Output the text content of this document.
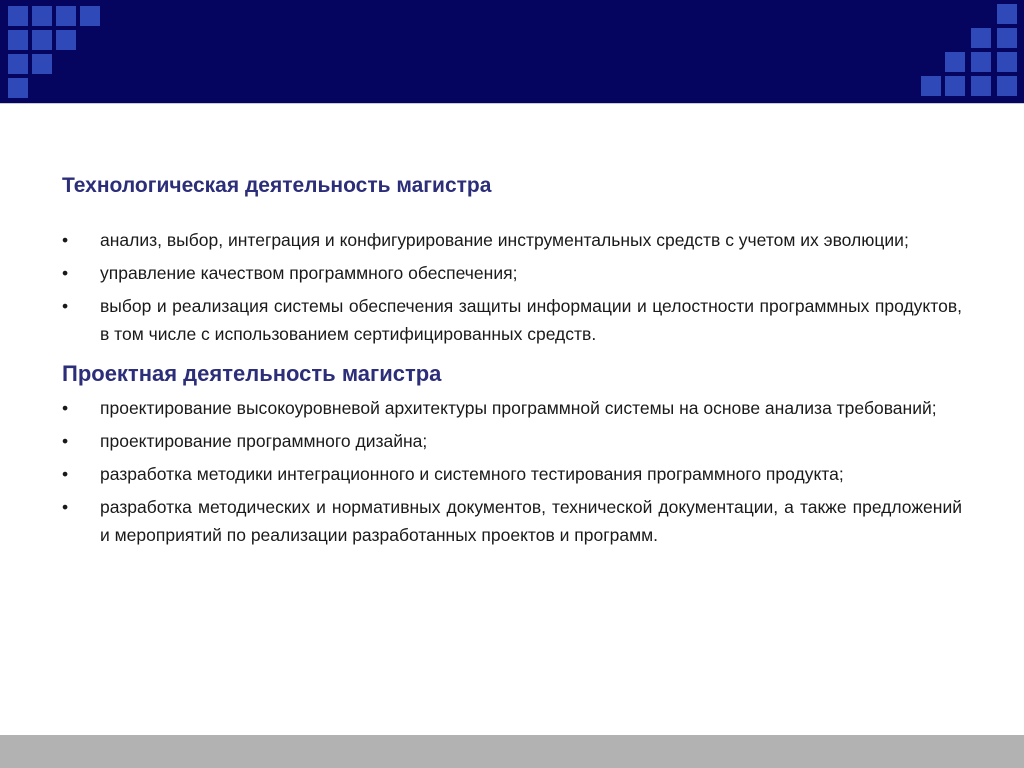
Технологическая деятельность магистра
• анализ, выбор, интеграция и конфигурирование инструментальных средств с учетом их эволюции;
• управление качеством программного обеспечения;
• выбор и реализация системы обеспечения защиты информации и целостности программных продуктов, в том числе с использованием сертифицированных средств.
Проектная деятельность магистра
• проектирование высокоуровневой архитектуры программной системы на основе анализа требований;
• проектирование программного дизайна;
• разработка методики интеграционного и системного тестирования программного продукта;
• разработка методических и нормативных документов, технической документации, а также предложений и мероприятий по реализации разработанных проектов и программ.
